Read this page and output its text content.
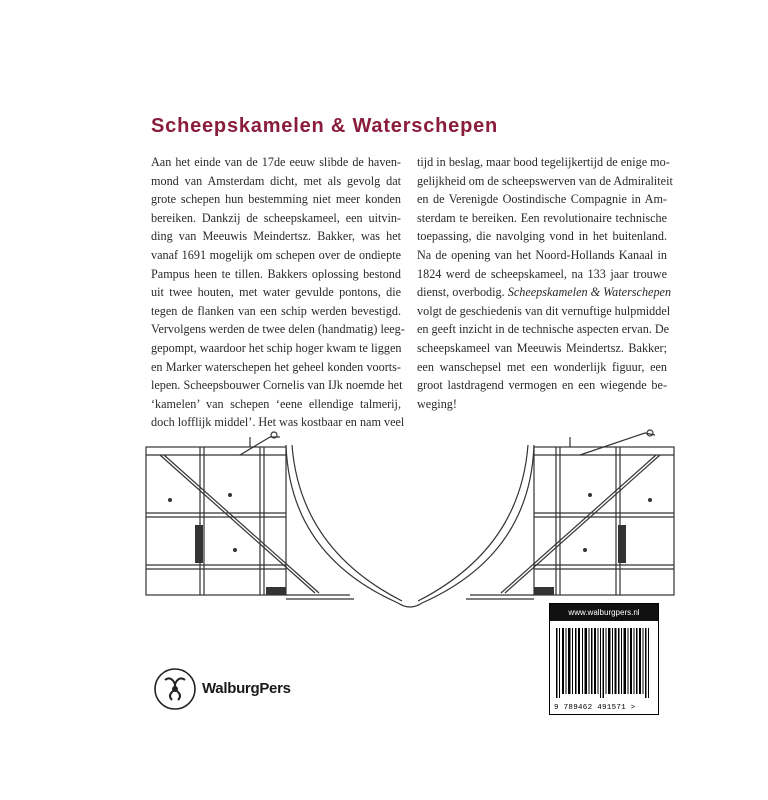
Scheepskamelen & Waterschepen
Aan het einde van de 17de eeuw slibde de haven-
mond van Amsterdam dicht, met als gevolg dat
grote schepen hun bestemming niet meer konden
bereiken. Dankzij de scheepskameel, een uitvin-
ding van Meeuwis Meindertsz. Bakker, was het
vanaf 1691 mogelijk om schepen over de ondiepte
Pampus heen te tillen. Bakkers oplossing bestond
uit twee houten, met water gevulde pontons, die
tegen de flanken van een schip werden bevestigd.
Vervolgens werden de twee delen (handmatig) leeg-
gepompt, waardoor het schip hoger kwam te liggen
en Marker waterschepen het geheel konden voorts-
lepen. Scheepsbouwer Cornelis van IJk noemde het
‘kamelen’ van schepen ‘eene ellendige talmerij,
doch lofflijk middel’. Het was kostbaar en nam veel
tijd in beslag, maar bood tegelijkertijd de enige mo-
gelijkheid om de scheepswerven van de Admiraliteit
en de Verenigde Oostindische Compagnie in Am-
sterdam te bereiken. Een revolutionaire technische
toepassing, die navolging vond in het buitenland.
Na de opening van het Noord-Hollands Kanaal in
1824 werd de scheepskameel, na 133 jaar trouwe
dienst, overbodig. Scheepskamelen & Waterschepen
volgt de geschiedenis van dit vernuftige hulpmiddel
en geeft inzicht in de technische aspecten ervan. De
scheepskameel van Meeuwis Meindertsz. Bakker;
een wanschepsel met een wonderlijk figuur, een
groot lastdragend vermogen en een wiegende be-
weging!
www.walburgpers.nl
9 789462 491571 >
WalburgPers
